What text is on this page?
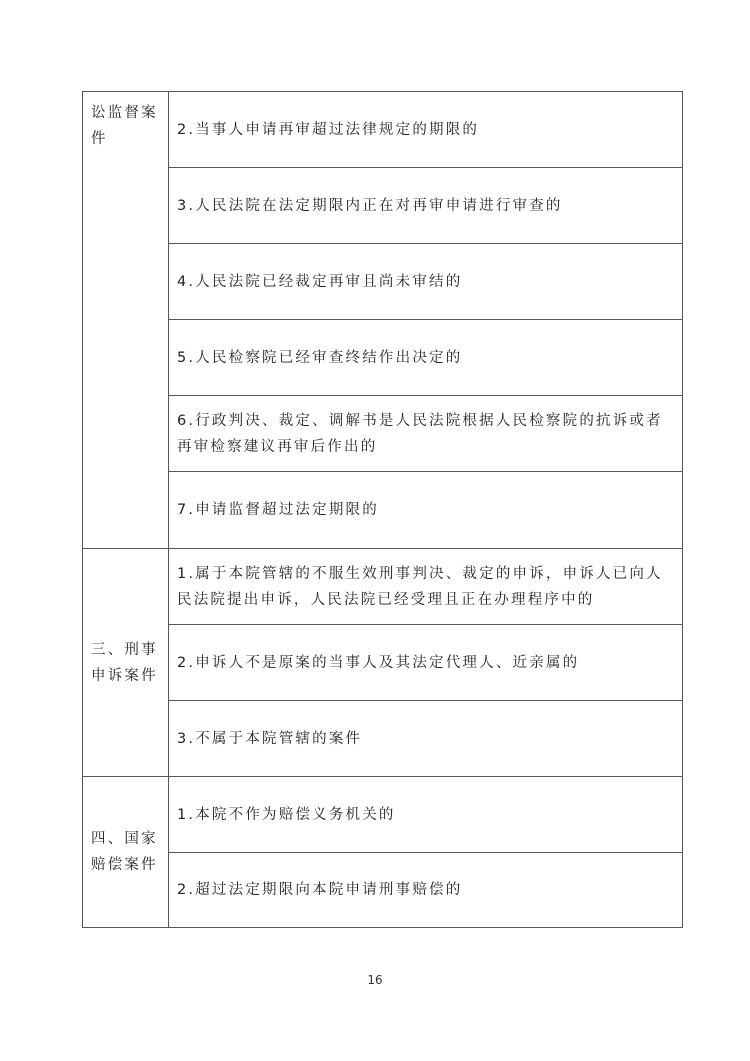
讼监督案件	2.当事人申请再审超过法律规定的期限的
	3.人民法院在法定期限内正在对再审申请进行审查的
	4.人民法院已经裁定再审且尚未审结的
	5.人民检察院已经审查终结作出决定的
	6.行政判决、裁定、调解书是人民法院根据人民检察院的抗诉或者再审检察建议再审后作出的
	7.申请监督超过法定期限的
三、刑事申诉案件	1.属于本院管辖的不服生效刑事判决、裁定的申诉，申诉人已向人民法院提出申诉，人民法院已经受理且正在办理程序中的
	2.申诉人不是原案的当事人及其法定代理人、近亲属的
	3.不属于本院管辖的案件
四、国家赔偿案件	1.本院不作为赔偿义务机关的
	2.超过法定期限向本院申请刑事赔偿的
16
